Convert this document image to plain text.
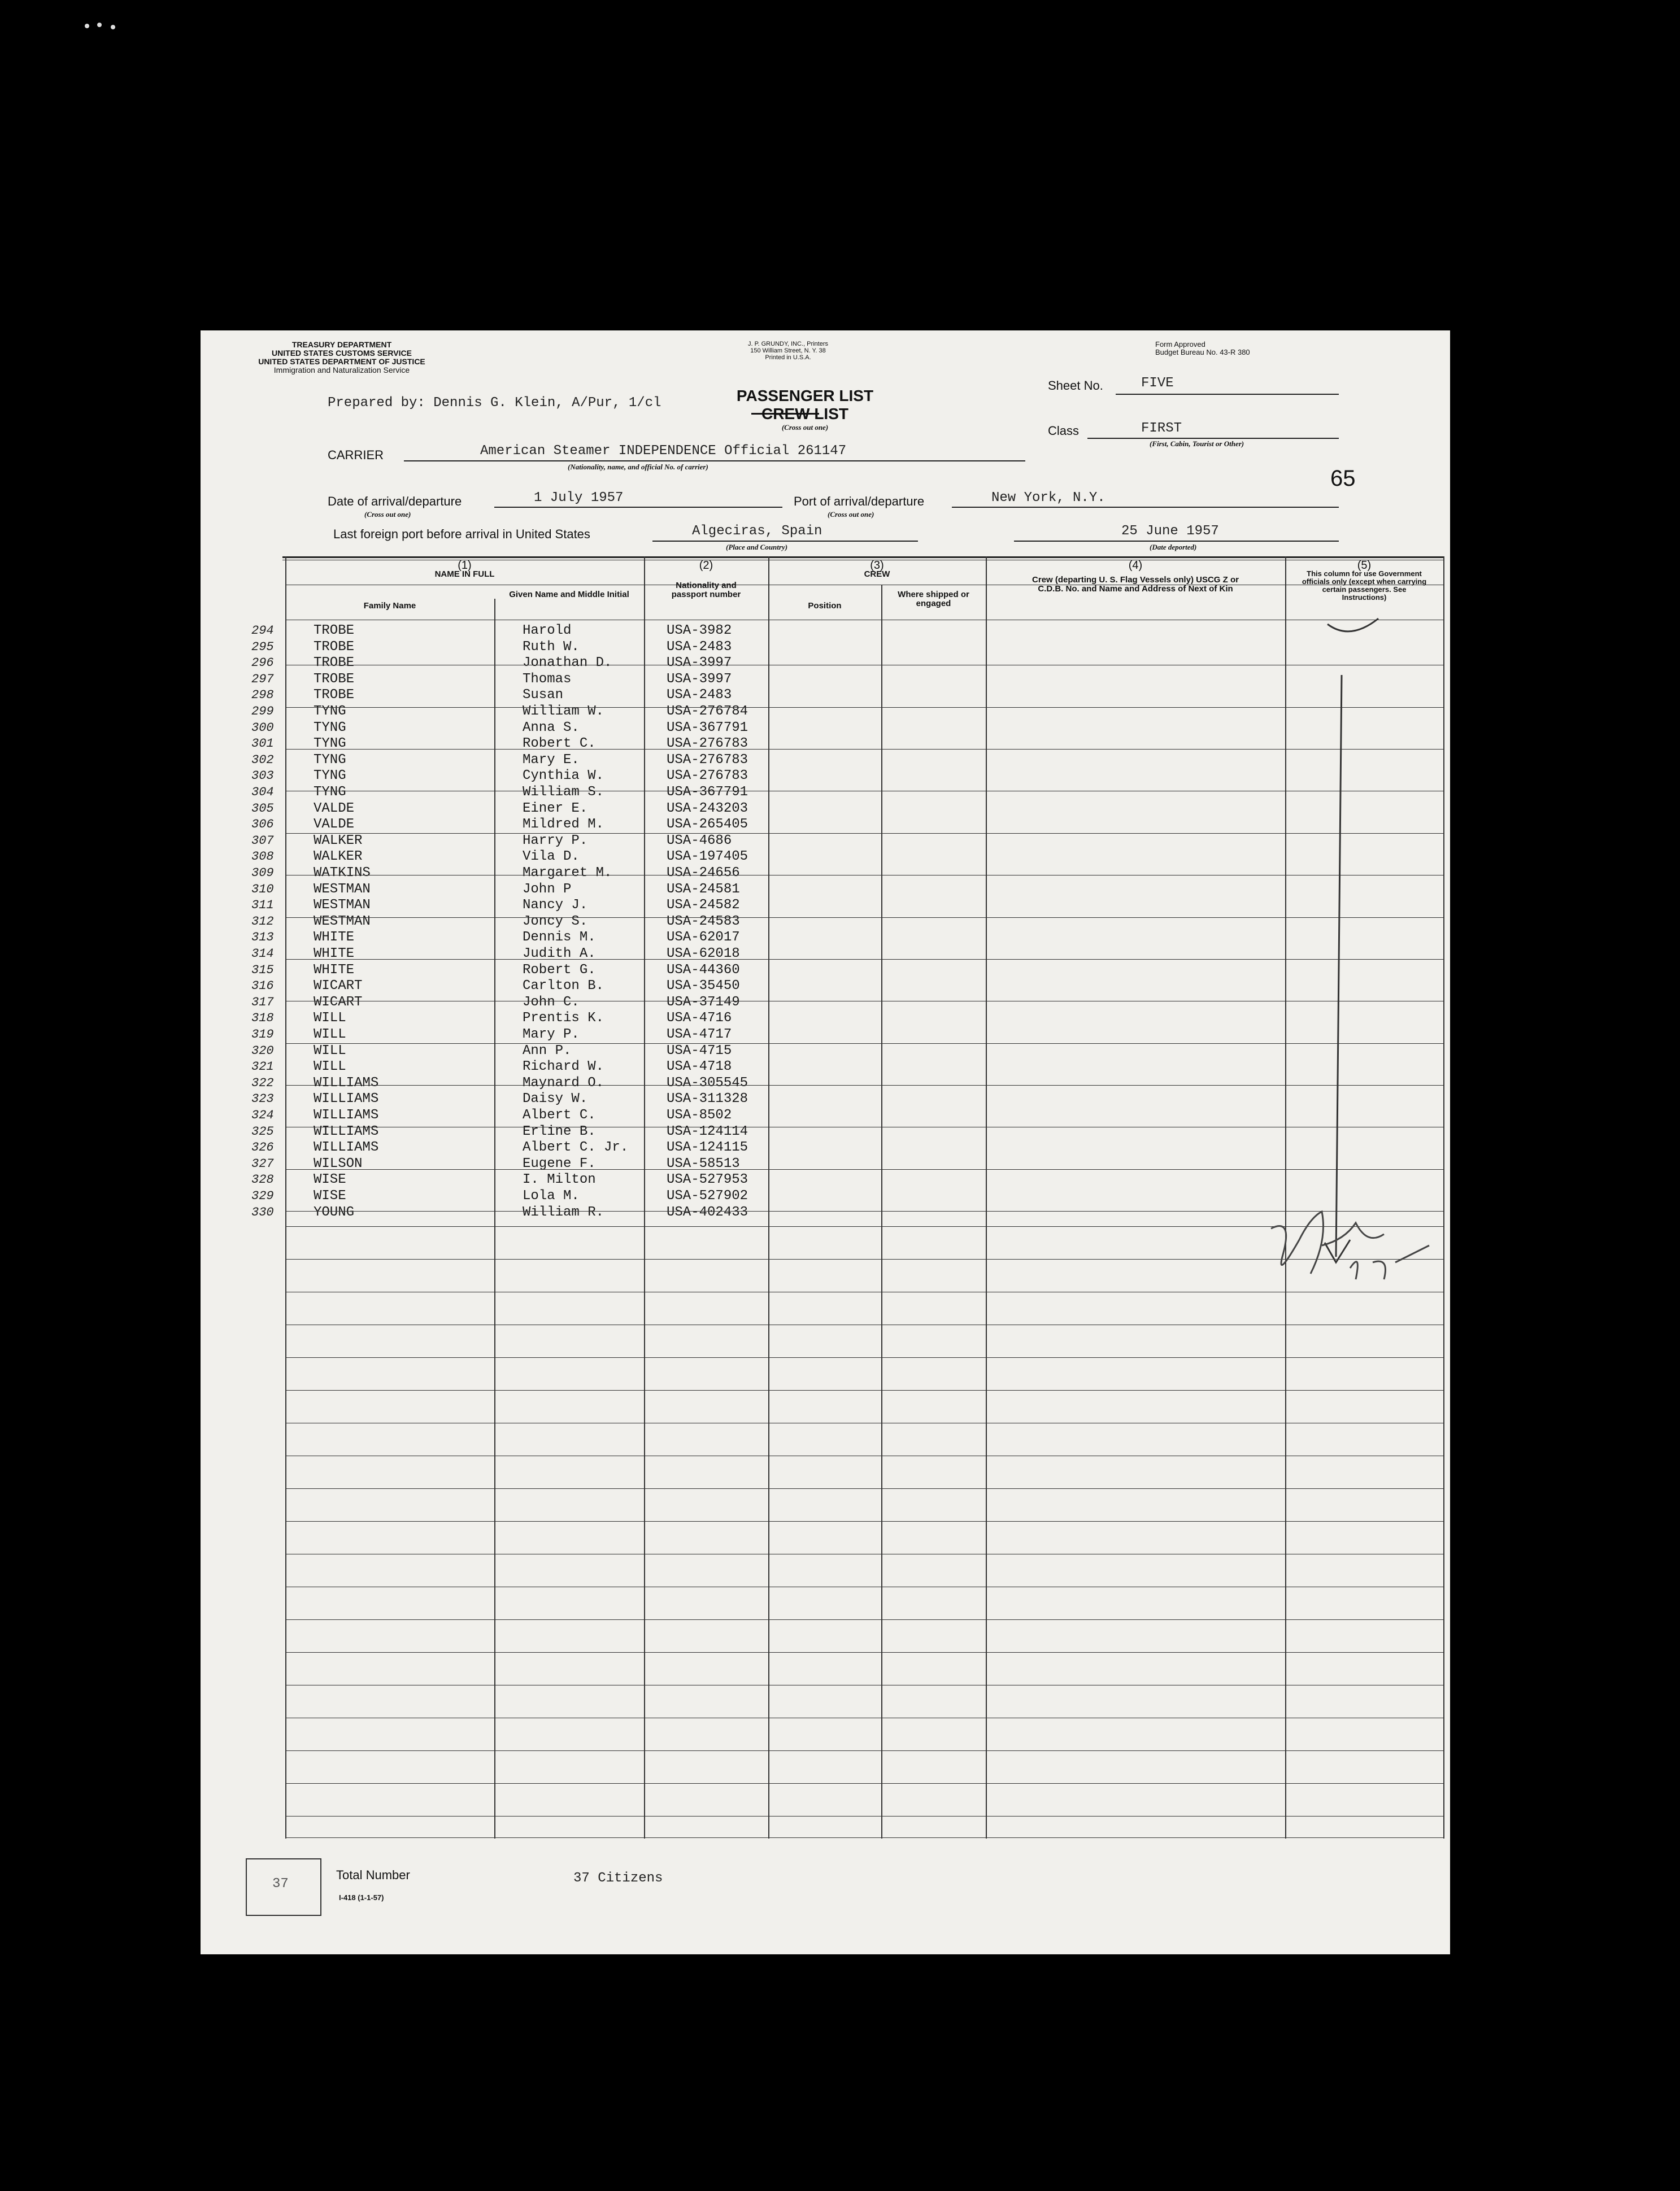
TREASURY DEPARTMENT
UNITED STATES CUSTOMS SERVICE
UNITED STATES DEPARTMENT OF JUSTICE
Immigration and Naturalization Service
J. P. GRUNDY, INC., Printers
150 William Street, N. Y. 38
Printed in U.S.A.
Form Approved
Budget Bureau No. 43-R 380
Prepared by: Dennis G. Klein, A/Pur, 1/cl	PASSENGER LIST
CREW LIST
(Cross out one)
Sheet No.	FIVE
Class	FIRST
(First, Cabin, Tourist or Other)
CARRIER	American Steamer INDEPENDENCE Official 261147
(Nationality, name, and official No. of carrier)	65
Date of arrival/departure	1 July 1957
(Cross out one)
Port of arrival/departure	New York, N.Y.
(Cross out one)
Last foreign port before arrival in United States	Algeciras, Spain
(Place and Country)
25 June 1957
(Date deported)
(1)
NAME IN FULL
Family Name
Given Name and Middle Initial
(2)
Nationality and passport number
(3)
CREW
Position
Where shipped or engaged
(4)
Crew (departing U. S. Flag Vessels only) USCG Z or C.D.B. No. and Name and Address of Next of Kin
(5)
This column for use Government officials only (except when carrying certain passengers. See Instructions)
294	TROBE	Harold	USA-3982
295	TROBE	Ruth W.	USA-2483
296	TROBE	Jonathan D.	USA-3997
297	TROBE	Thomas	USA-3997
298	TROBE	Susan	USA-2483
299	TYNG	William W.	USA-276784
300	TYNG	Anna S.	USA-367791
301	TYNG	Robert C.	USA-276783
302	TYNG	Mary E.	USA-276783
303	TYNG	Cynthia W.	USA-276783
304	TYNG	William S.	USA-367791
305	VALDE	Einer E.	USA-243203
306	VALDE	Mildred M.	USA-265405
307	WALKER	Harry P.	USA-4686
308	WALKER	Vila D.	USA-197405
309	WATKINS	Margaret M.	USA-24656
310	WESTMAN	John P	USA-24581
311	WESTMAN	Nancy J.	USA-24582
312	WESTMAN	Joncy S.	USA-24583
313	WHITE	Dennis M.	USA-62017
314	WHITE	Judith A.	USA-62018
315	WHITE	Robert G.	USA-44360
316	WICART	Carlton B.	USA-35450
317	WICART	John C.	USA-37149
318	WILL	Prentis K.	USA-4716
319	WILL	Mary P.	USA-4717
320	WILL	Ann P.	USA-4715
321	WILL	Richard W.	USA-4718
322	WILLIAMS	Maynard O.	USA-305545
323	WILLIAMS	Daisy W.	USA-311328
324	WILLIAMS	Albert C.	USA-8502
325	WILLIAMS	Erline B.	USA-124114
326	WILLIAMS	Albert C. Jr.	USA-124115
327	WILSON	Eugene F.	USA-58513
328	WISE	I. Milton	USA-527953
329	WISE	Lola M.	USA-527902
330	YOUNG	William R.	USA-402433
37
Total Number
I-418 (1-1-57)
37 Citizens
